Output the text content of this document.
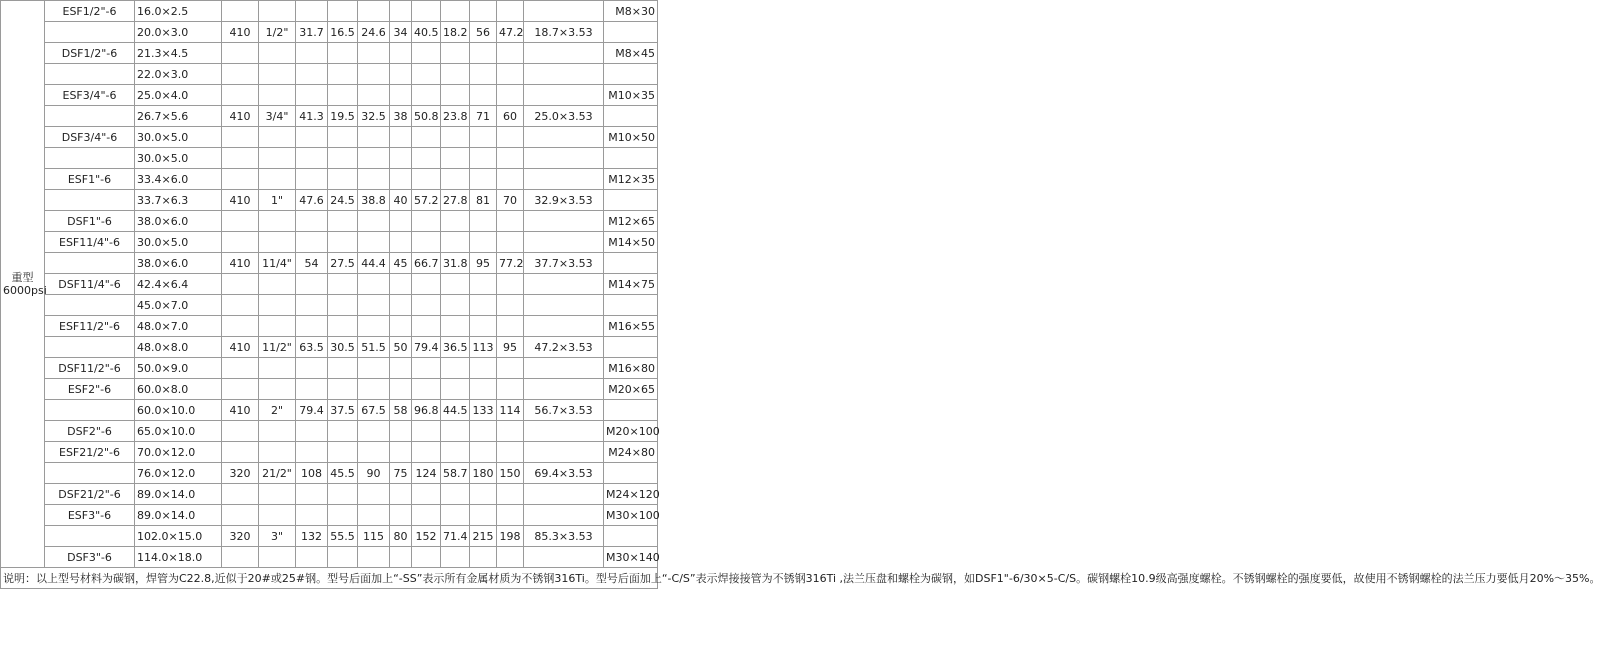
重型
6000psi	ESF1/2"-6	16.0×2.5												M8×30
		20.0×3.0	410	1/2"	31.7	16.5	24.6	34	40.5	18.2	56	47.2	18.7×3.53	
	DSF1/2"-6	21.3×4.5												M8×45
		22.0×3.0												
	ESF3/4"-6	25.0×4.0												M10×35
		26.7×5.6	410	3/4"	41.3	19.5	32.5	38	50.8	23.8	71	60	25.0×3.53	
	DSF3/4"-6	30.0×5.0												M10×50
		30.0×5.0												
	ESF1"-6	33.4×6.0												M12×35
		33.7×6.3	410	1"	47.6	24.5	38.8	40	57.2	27.8	81	70	32.9×3.53	
	DSF1"-6	38.0×6.0												M12×65
	ESF11/4"-6	30.0×5.0												M14×50
		38.0×6.0	410	11/4"	54	27.5	44.4	45	66.7	31.8	95	77.2	37.7×3.53	
	DSF11/4"-6	42.4×6.4												M14×75
		45.0×7.0												
	ESF11/2"-6	48.0×7.0												M16×55
		48.0×8.0	410	11/2"	63.5	30.5	51.5	50	79.4	36.5	113	95	47.2×3.53	
	DSF11/2"-6	50.0×9.0												M16×80
	ESF2"-6	60.0×8.0												M20×65
		60.0×10.0	410	2"	79.4	37.5	67.5	58	96.8	44.5	133	114	56.7×3.53	
	DSF2"-6	65.0×10.0												M20×100
	ESF21/2"-6	70.0×12.0												M24×80
		76.0×12.0	320	21/2"	108	45.5	90	75	124	58.7	180	150	69.4×3.53	
	DSF21/2"-6	89.0×14.0												M24×120
	ESF3"-6	89.0×14.0												M30×100
		102.0×15.0	320	3"	132	55.5	115	80	152	71.4	215	198	85.3×3.53	
	DSF3"-6	114.0×18.0												M30×140
说明：以上型号材料为碳钢，焊管为C22.8,近似于20#或25#钢。型号后面加上“-SS”表示所有金属材质为不锈钢316Ti。型号后面加上“-C/S”表示焊接接管为不锈钢316Ti ,法兰压盘和螺栓为碳钢，如DSF1"-6/30×5-C/S。碳钢螺栓10.9级高强度螺栓。不锈钢螺栓的强度要低，故使用不锈钢螺栓的法兰压力要低月20%～35%。														
